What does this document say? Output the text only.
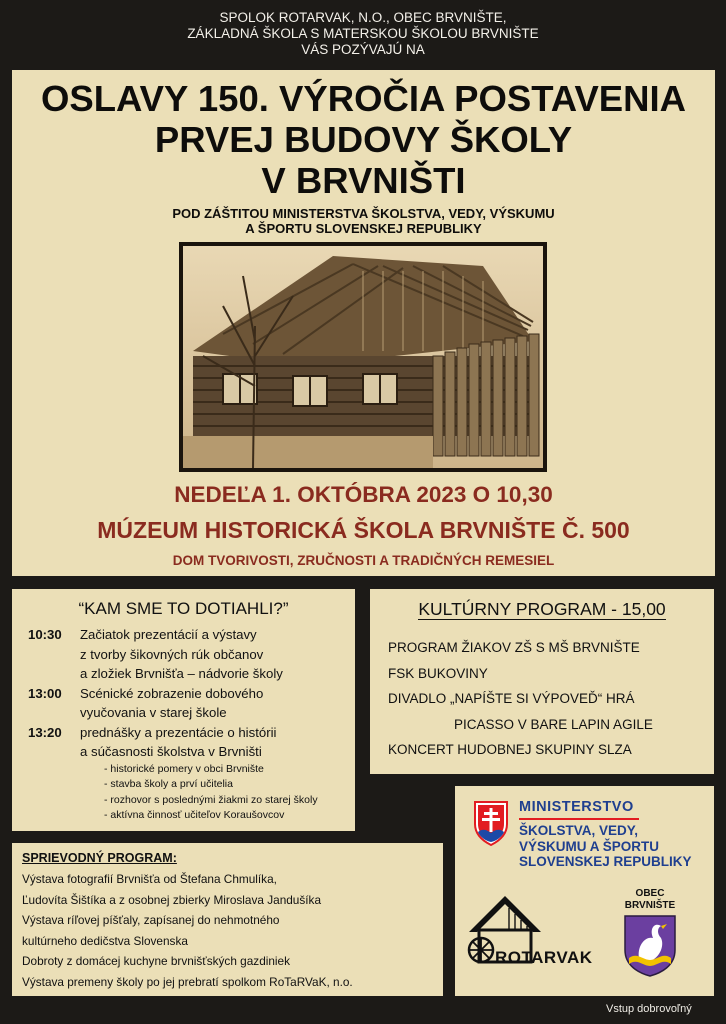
SPOLOK ROTARVAK, N.O., OBEC BRVNIŠTE,
ZÁKLADNÁ ŠKOLA S MATERSKOU ŠKOLOU BRVNIŠTE
VÁS POZÝVAJÚ NA
OSLAVY 150. VÝROČIA POSTAVENIA
PRVEJ BUDOVY ŠKOLY
V BRVNIŠTI
POD ZÁŠTITOU MINISTERSTVA ŠKOLSTVA, VEDY, VÝSKUMU
A ŠPORTU SLOVENSKEJ REPUBLIKY
NEDEĽA 1. OKTÓBRA 2023 O 10,30
MÚZEUM HISTORICKÁ ŠKOLA BRVNIŠTE Č. 500
DOM TVORIVOSTI, ZRUČNOSTI A TRADIČNÝCH REMESIEL
“KAM SME TO DOTIAHLI?”
10:30	Začiatok prezentácií a výstavy
z tvorby šikovných rúk občanov
a zložiek Brvnišťa – nádvorie školy
13:00	Scénické zobrazenie dobového
vyučovania v starej škole
13:20	prednášky a prezentácie o histórii
a súčasnosti školstva v Brvništi
- historické pomery v obci Brvnište
- stavba školy a prví učitelia
- rozhovor s poslednými žiakmi zo starej školy
- aktívna činnosť učiteľov Koraušovcov
KULTÚRNY PROGRAM - 15,00
PROGRAM ŽIAKOV ZŠ S MŠ BRVNIŠTE
FSK BUKOVINY
DIVADLO „NAPÍŠTE SI VÝPOVEĎ“ HRÁ
PICASSO V BARE LAPIN AGILE
KONCERT HUDOBNEJ SKUPINY SLZA
SPRIEVODNÝ PROGRAM:
Výstava fotografií Brvnišťa od Štefana Chmulíka,
Ľudovíta Šištíka a z osobnej zbierky Miroslava Jandušíka
Výstava ríľovej píšťaly, zapísanej do nehmotného
kultúrneho dedičstva Slovenska
Dobroty z domácej kuchyne brvnišťských gazdiniek
Výstava premeny školy po jej prebratí spolkom RoTaRVaK, n.o.
MINISTERSTVO
ŠKOLSTVA, VEDY,
VÝSKUMU A ŠPORTU
SLOVENSKEJ REPUBLIKY
ROTARVAK
OBEC
BRVNIŠTE
Vstup dobrovoľný
